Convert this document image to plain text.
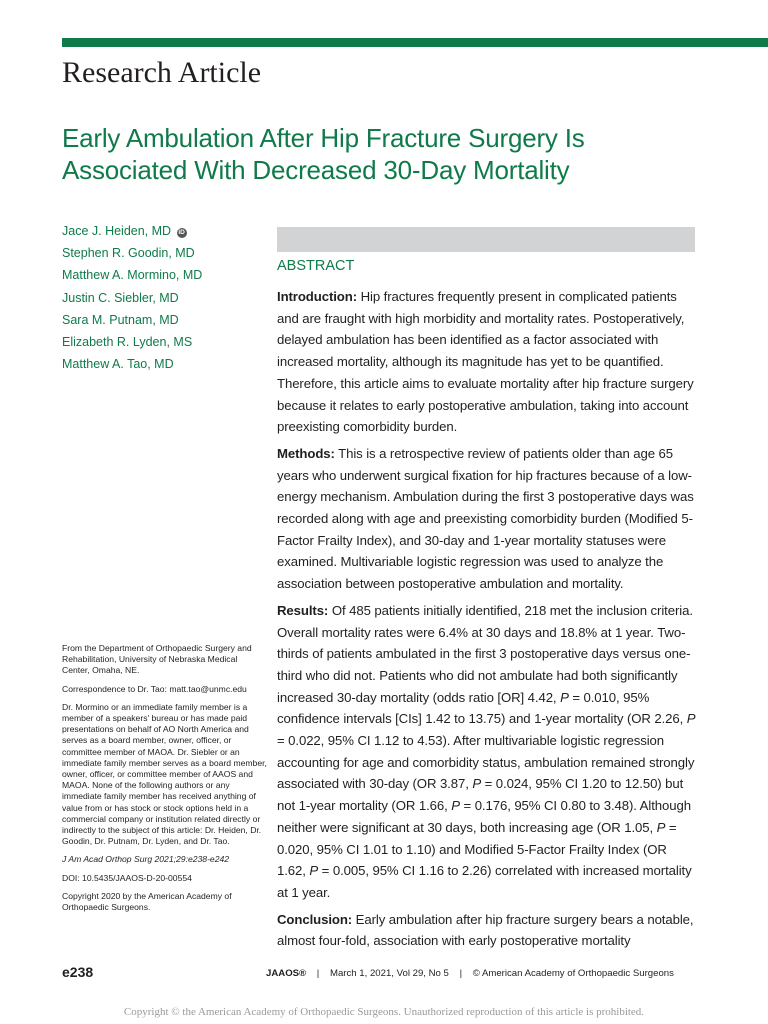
Research Article
Early Ambulation After Hip Fracture Surgery Is
Associated With Decreased 30-Day Mortality
Jace J. Heiden, MD iD
Stephen R. Goodin, MD
Matthew A. Mormino, MD
Justin C. Siebler, MD
Sara M. Putnam, MD
Elizabeth R. Lyden, MS
Matthew A. Tao, MD
ABSTRACT

Introduction: Hip fractures frequently present in complicated patients and are fraught with high morbidity and mortality rates. Postoperatively, delayed ambulation has been identified as a factor associated with increased mortality, although its magnitude has yet to be quantified. Therefore, this article aims to evaluate mortality after hip fracture surgery because it relates to early postoperative ambulation, taking into account preexisting comorbidity burden.

Methods: This is a retrospective review of patients older than age 65 years who underwent surgical fixation for hip fractures because of a low-energy mechanism. Ambulation during the first 3 postoperative days was recorded along with age and preexisting comorbidity burden (Modified 5-Factor Frailty Index), and 30-day and 1-year mortality statuses were examined. Multivariable logistic regression was used to analyze the association between postoperative ambulation and mortality.

Results: Of 485 patients initially identified, 218 met the inclusion criteria. Overall mortality rates were 6.4% at 30 days and 18.8% at 1 year. Two-thirds of patients ambulated in the first 3 postoperative days versus one-third who did not. Patients who did not ambulate had both significantly increased 30-day mortality (odds ratio [OR] 4.42, P = 0.010, 95% confidence intervals [CIs] 1.42 to 13.75) and 1-year mortality (OR 2.26, P = 0.022, 95% CI 1.12 to 4.53). After multivariable logistic regression accounting for age and comorbidity status, ambulation remained strongly associated with 30-day (OR 3.87, P = 0.024, 95% CI 1.20 to 12.50) but not 1-year mortality (OR 1.66, P = 0.176, 95% CI 0.80 to 3.48). Although neither were significant at 30 days, both increasing age (OR 1.05, P = 0.020, 95% CI 1.01 to 1.10) and Modified 5-Factor Frailty Index (OR 1.62, P = 0.005, 95% CI 1.16 to 2.26) correlated with increased mortality at 1 year.

Conclusion: Early ambulation after hip fracture surgery bears a notable, almost four-fold, association with early postoperative mortality

From the Department of Orthopaedic Surgery and Rehabilitation, University of Nebraska Medical Center, Omaha, NE.

Correspondence to Dr. Tao: matt.tao@unmc.edu

Dr. Mormino or an immediate family member is a member of a speakers' bureau or has made paid presentations on behalf of AO North America and serves as a board member, owner, officer, or committee member of MAOA. Dr. Siebler or an immediate family member serves as a board member, owner, officer, or committee member of AAOS and MAOA. None of the following authors or any immediate family member has received anything of value from or has stock or stock options held in a commercial company or institution related directly or indirectly to the subject of this article: Dr. Heiden, Dr. Goodin, Dr. Putnam, Dr. Lyden, and Dr. Tao.

J Am Acad Orthop Surg 2021;29:e238-e242

DOI: 10.5435/JAAOS-D-20-00554

Copyright 2020 by the American Academy of Orthopaedic Surgeons.

e238	JAAOS® | March 1, 2021, Vol 29, No 5 | © American Academy of Orthopaedic Surgeons
Copyright © the American Academy of Orthopaedic Surgeons. Unauthorized reproduction of this article is prohibited.
